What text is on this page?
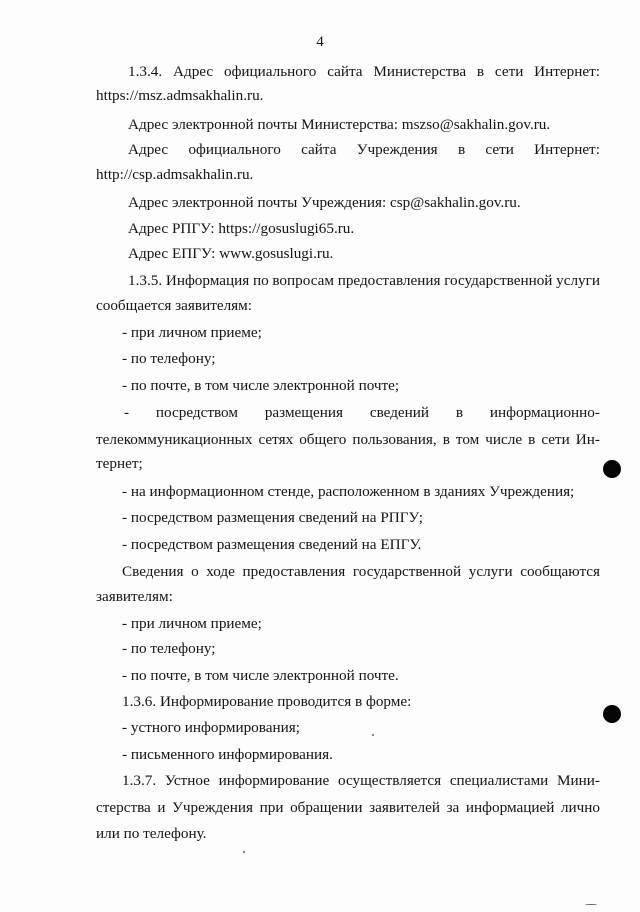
4
1.3.4. Адрес официального сайта Министерства в сети Интернет:
https://msz.admsakhalin.ru.
Адрес электронной почты Министерства: mszso@sakhalin.gov.ru.
Адрес официального сайта Учреждения в сети Интернет:
http://csp.admsakhalin.ru.
Адрес электронной почты Учреждения: csp@sakhalin.gov.ru.
Адрес РПГУ: https://gosuslugi65.ru.
Адрес ЕПГУ: www.gosuslugi.ru.
1.3.5. Информация по вопросам предоставления государственной услуги
сообщается заявителям:
- при личном приеме;
- по телефону;
- по почте, в том числе электронной почте;
- посредством размещения сведений в информационно-
телекоммуникационных сетях общего пользования, в том числе в сети Ин-
тернет;
- на информационном стенде, расположенном в зданиях Учреждения;
- посредством размещения сведений на РПГУ;
- посредством размещения сведений на ЕПГУ.
Сведения о ходе предоставления государственной услуги сообщаются
заявителям:
- при личном приеме;
- по телефону;
- по почте, в том числе электронной почте.
1.3.6. Информирование проводится в форме:
- устного информирования;
- письменного информирования.
1.3.7. Устное информирование осуществляется специалистами Мини-
стерства и Учреждения при обращении заявителей за информацией лично
или по телефону.
